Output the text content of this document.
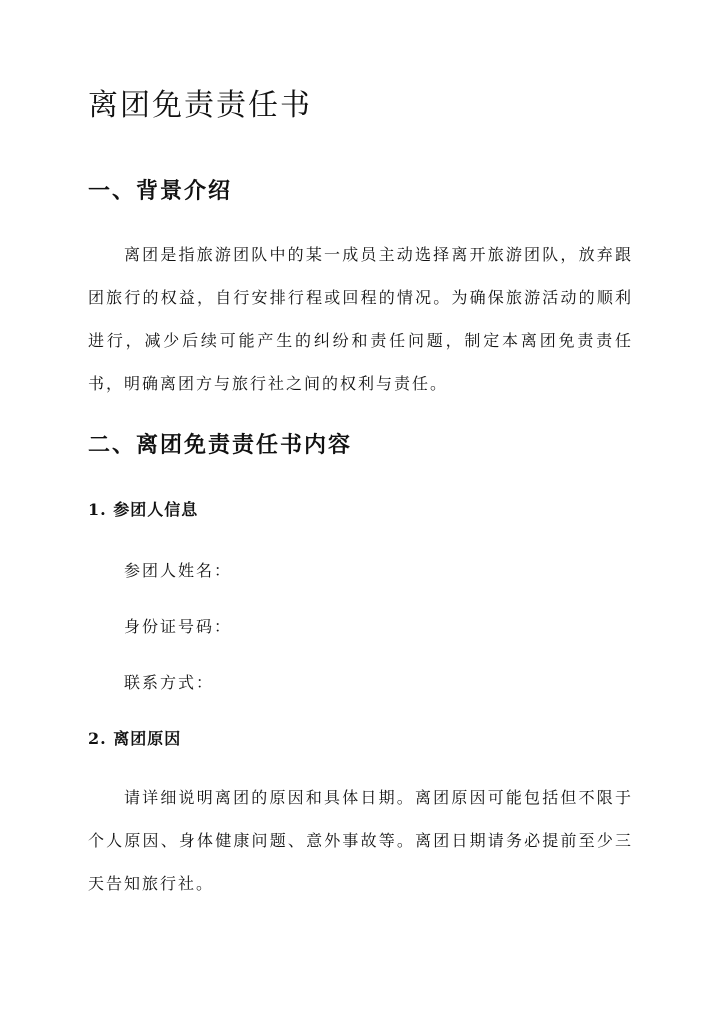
离团免责责任书
一、背景介绍

离团是指旅游团队中的某一成员主动选择离开旅游团队，放弃跟团旅行的权益，自行安排行程或回程的情况。为确保旅游活动的顺利进行，减少后续可能产生的纠纷和责任问题，制定本离团免责责任书，明确离团方与旅行社之间的权利与责任。

二、离团免责责任书内容
1. 参团人信息

参团人姓名：

身份证号码：

联系方式：

2. 离团原因

请详细说明离团的原因和具体日期。离团原因可能包括但不限于个人原因、身体健康问题、意外事故等。离团日期请务必提前至少三天告知旅行社。
